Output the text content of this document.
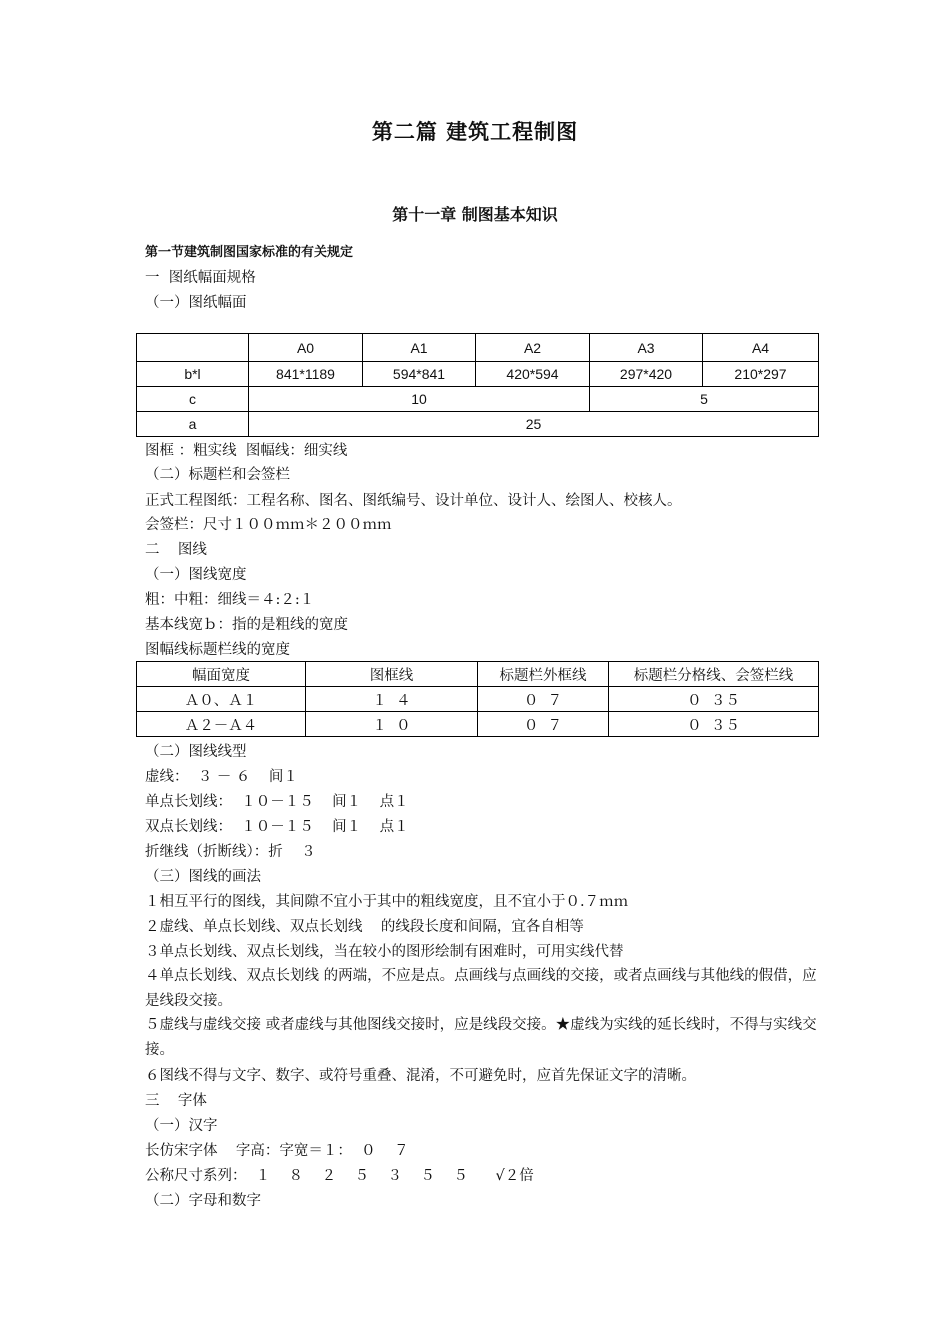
第二篇 建筑工程制图
第十一章 制图基本知识
第一节建筑制图国家标准的有关规定
一  图纸幅面规格
（一）图纸幅面
	A0	A1	A2	A3	A4
b*l	841*1189	594*841	420*594	297*420	210*297
c	10			5	
a	25				
图框 ：粗实线  图幅线：细实线
（二）标题栏和会签栏
正式工程图纸：工程名称、图名、图纸编号、设计单位、设计人、绘图人、校核人。
会签栏：尺寸１００ｍｍ＊２００ｍｍ
二    图线
（一）图线宽度
粗：中粗：细线＝４:２:１
基本线宽ｂ：指的是粗线的宽度
图幅线标题栏线的宽度
幅面宽度	图框线	标题栏外框线	标题栏分格线、会签栏线
Ａ０、Ａ１	１  ４	０  ７	０  ３５
Ａ２－Ａ４	１  ０	０  ７	０  ３５
（二）图线线型
虚线：  ３ － ６    间１
单点长划线：  １０－１５    间１    点１
双点长划线：  １０－１５    间１    点１
折继线（折断线）：折    ３
（三）图线的画法
１相互平行的图线，其间隙不宜小于其中的粗线宽度，且不宜小于０.７ｍｍ
２虚线、单点长划线、双点长划线    的线段长度和间隔，宜各自相等
３单点长划线、双点长划线，当在较小的图形绘制有困难时，可用实线代替
４单点长划线、双点长划线 的两端，不应是点。点画线与点画线的交接，或者点画线与其他线的假借，应是线段交接。
５虚线与虚线交接 或者虚线与其他图线交接时，应是线段交接。★虚线为实线的延长线时，不得与实线交接。
６图线不得与文字、数字、或符号重叠、混淆，不可避免时，应首先保证文字的清晰。
三    字体
（一）汉字
长仿宋字体    字高：字宽＝１：  ０    ７
公称尺寸系列：  １    ８    ２    ５    ３    ５    ５      √２倍
（二）字母和数字
